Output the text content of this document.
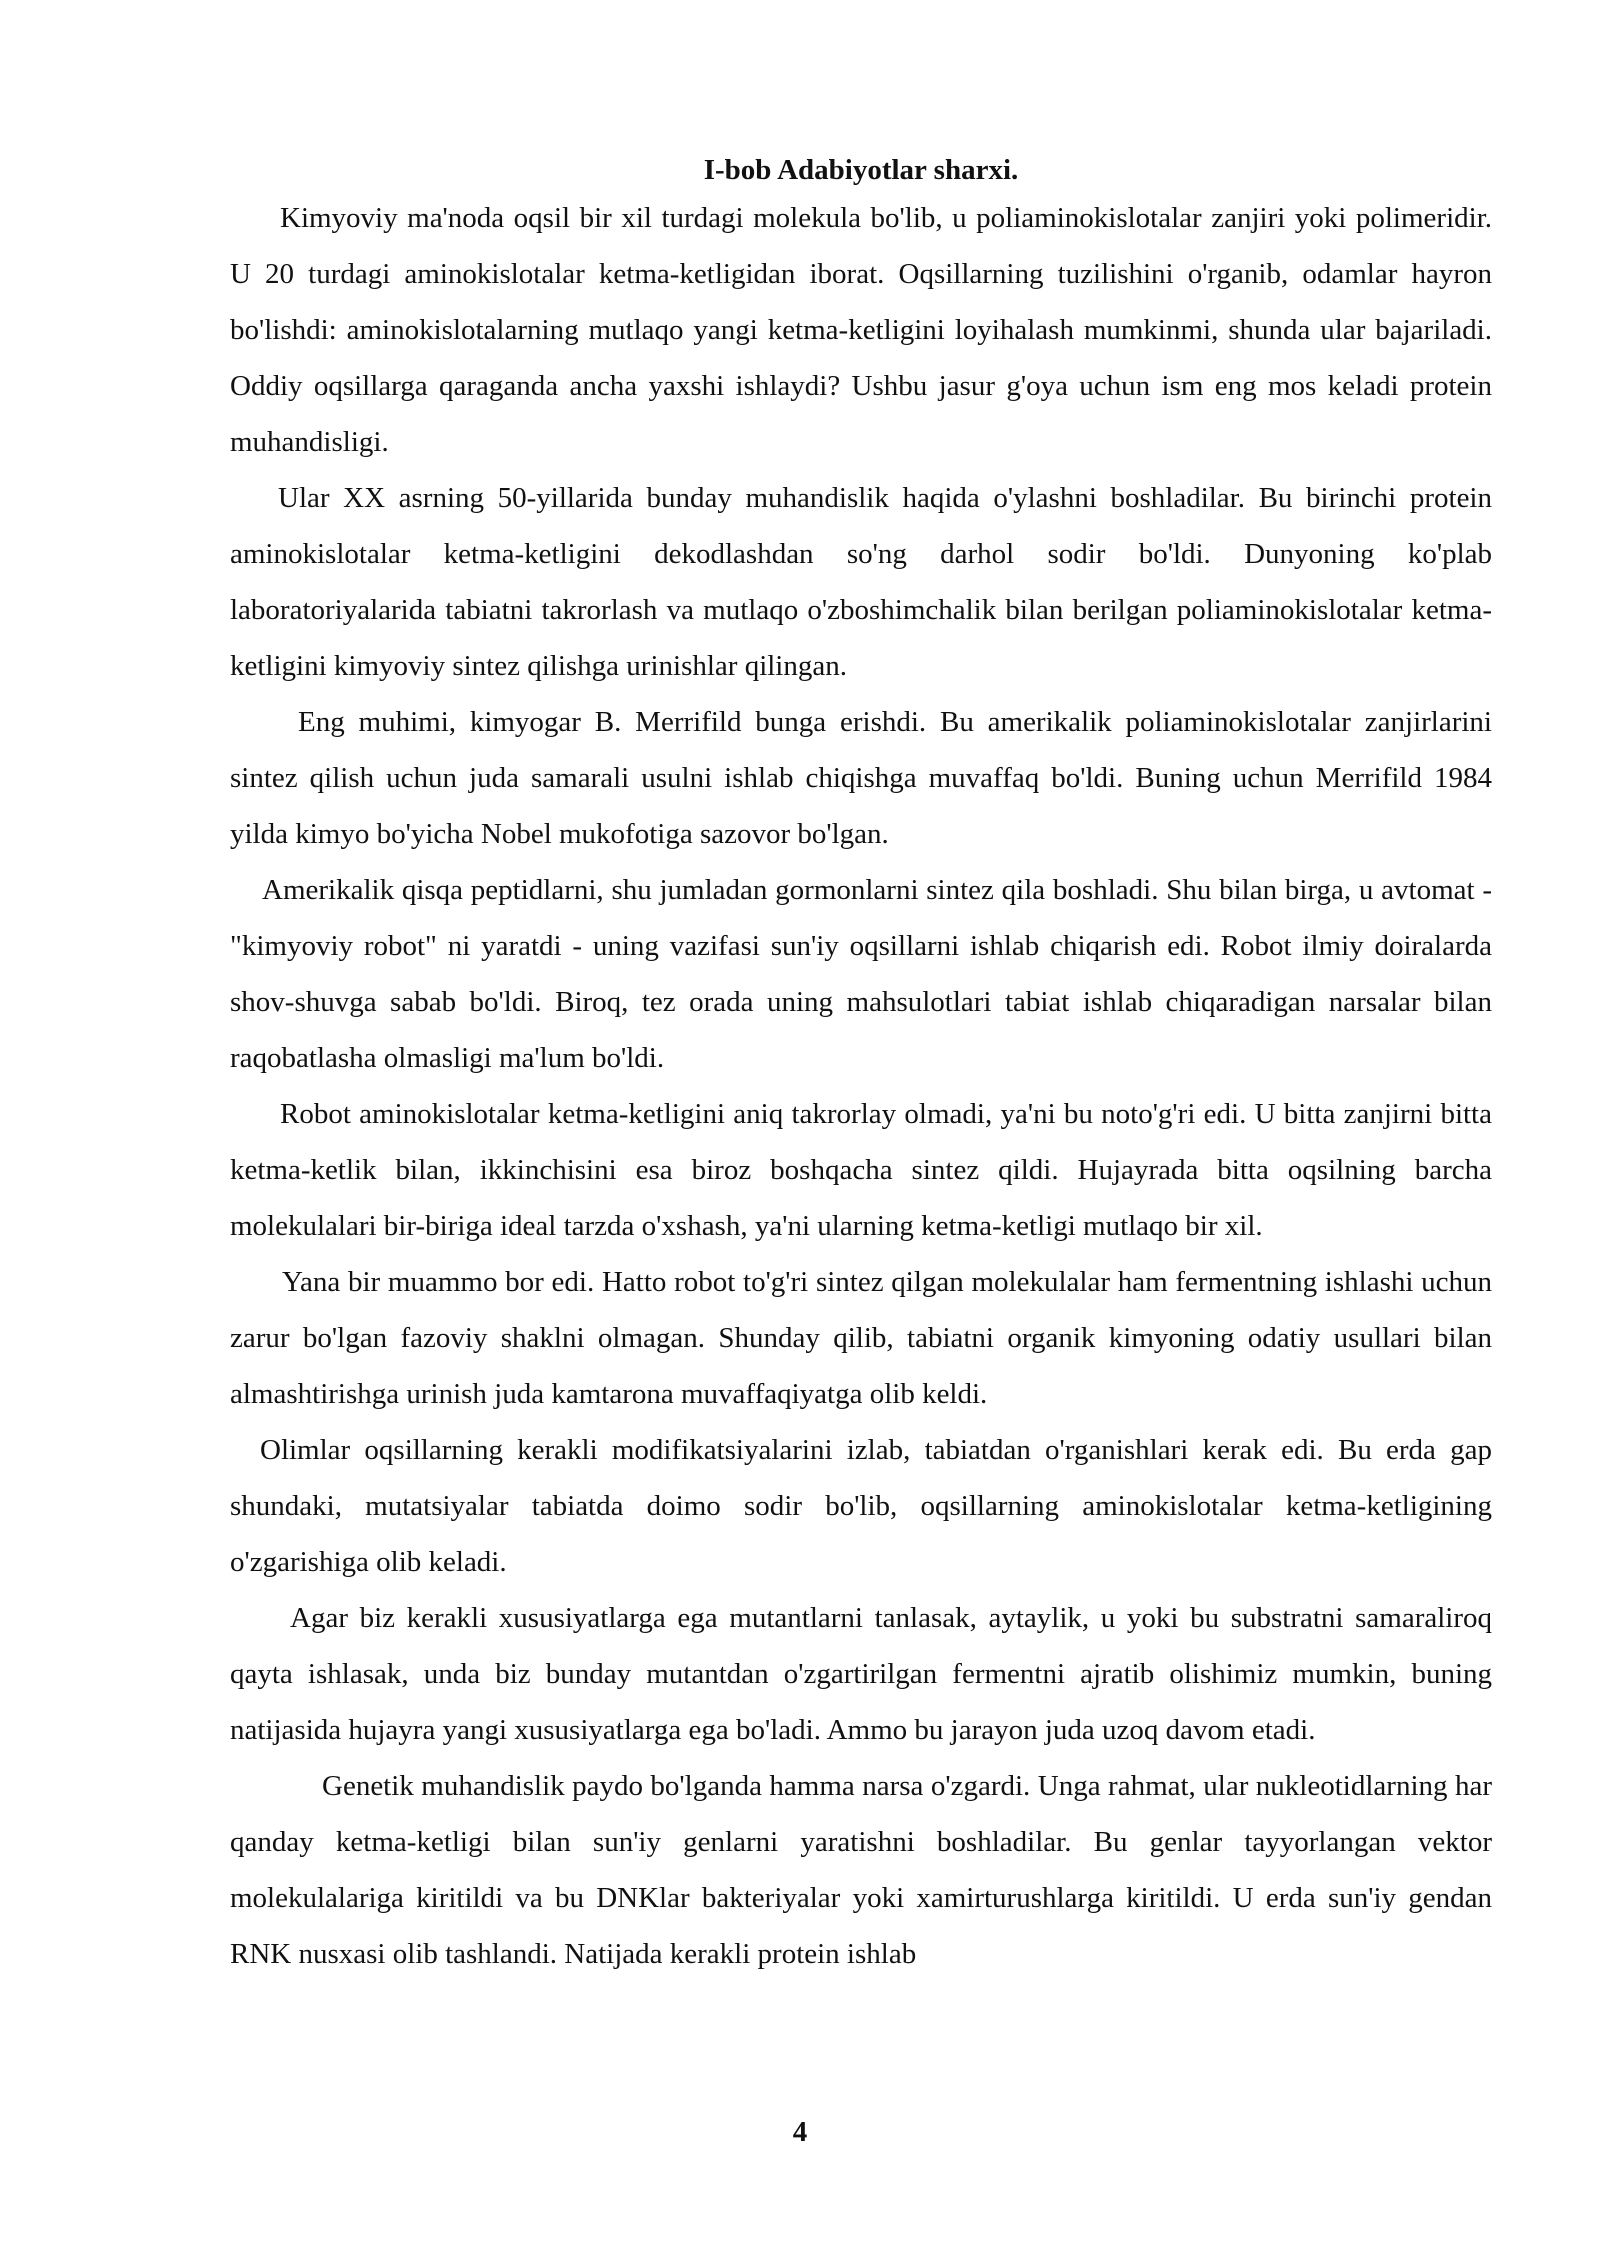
I-bob Adabiyotlar sharxi.

Kimyoviy ma'noda oqsil bir xil turdagi molekula bo'lib, u poliaminokislotalar zanjiri yoki polimeridir. U 20 turdagi aminokislotalar ketma-ketligidan iborat. Oqsillarning tuzilishini o'rganib, odamlar hayron bo'lishdi: aminokislotalarning mutlaqo yangi ketma-ketligini loyihalash mumkinmi, shunda ular bajariladi. Oddiy oqsillarga qaraganda ancha yaxshi ishlaydi? Ushbu jasur g'oya uchun ism eng mos keladi protein muhandisligi.

Ular XX asrning 50-yillarida bunday muhandislik haqida o'ylashni boshladilar. Bu birinchi protein aminokislotalar ketma-ketligini dekodlashdan so'ng darhol sodir bo'ldi. Dunyoning ko'plab laboratoriyalarida tabiatni takrorlash va mutlaqo o'zboshimchalik bilan berilgan poliaminokislotalar ketma-ketligini kimyoviy sintez qilishga urinishlar qilingan.

Eng muhimi, kimyogar B. Merrifild bunga erishdi. Bu amerikalik poliaminokislotalar zanjirlarini sintez qilish uchun juda samarali usulni ishlab chiqishga muvaffaq bo'ldi. Buning uchun Merrifild 1984 yilda kimyo bo'yicha Nobel mukofotiga sazovor bo'lgan.

Amerikalik qisqa peptidlarni, shu jumladan gormonlarni sintez qila boshladi. Shu bilan birga, u avtomat - "kimyoviy robot" ni yaratdi - uning vazifasi sun'iy oqsillarni ishlab chiqarish edi. Robot ilmiy doiralarda shov-shuvga sabab bo'ldi. Biroq, tez orada uning mahsulotlari tabiat ishlab chiqaradigan narsalar bilan raqobatlasha olmasligi ma'lum bo'ldi.

Robot aminokislotalar ketma-ketligini aniq takrorlay olmadi, ya'ni bu noto'g'ri edi. U bitta zanjirni bitta ketma-ketlik bilan, ikkinchisini esa biroz boshqacha sintez qildi. Hujayrada bitta oqsilning barcha molekulalari bir-biriga ideal tarzda o'xshash, ya'ni ularning ketma-ketligi mutlaqo bir xil.

Yana bir muammo bor edi. Hatto robot to'g'ri sintez qilgan molekulalar ham fermentning ishlashi uchun zarur bo'lgan fazoviy shaklni olmagan. Shunday qilib, tabiatni organik kimyoning odatiy usullari bilan almashtirishga urinish juda kamtarona muvaffaqiyatga olib keldi.

Olimlar oqsillarning kerakli modifikatsiyalarini izlab, tabiatdan o'rganishlari kerak edi. Bu erda gap shundaki, mutatsiyalar tabiatda doimo sodir bo'lib, oqsillarning aminokislotalar ketma-ketligining o'zgarishiga olib keladi.

Agar biz kerakli xususiyatlarga ega mutantlarni tanlasak, aytaylik, u yoki bu substratni samaraliroq qayta ishlasak, unda biz bunday mutantdan o'zgartirilgan fermentni ajratib olishimiz mumkin, buning natijasida hujayra yangi xususiyatlarga ega bo'ladi. Ammo bu jarayon juda uzoq davom etadi.

Genetik muhandislik paydo bo'lganda hamma narsa o'zgardi. Unga rahmat, ular nukleotidlarning har qanday ketma-ketligi bilan sun'iy genlarni yaratishni boshladilar. Bu genlar tayyorlangan vektor molekulalariga kiritildi va bu DNKlar bakteriyalar yoki xamirturushlarga kiritildi. U erda sun'iy gendan RNK nusxasi olib tashlandi. Natijada kerakli protein ishlab

4
